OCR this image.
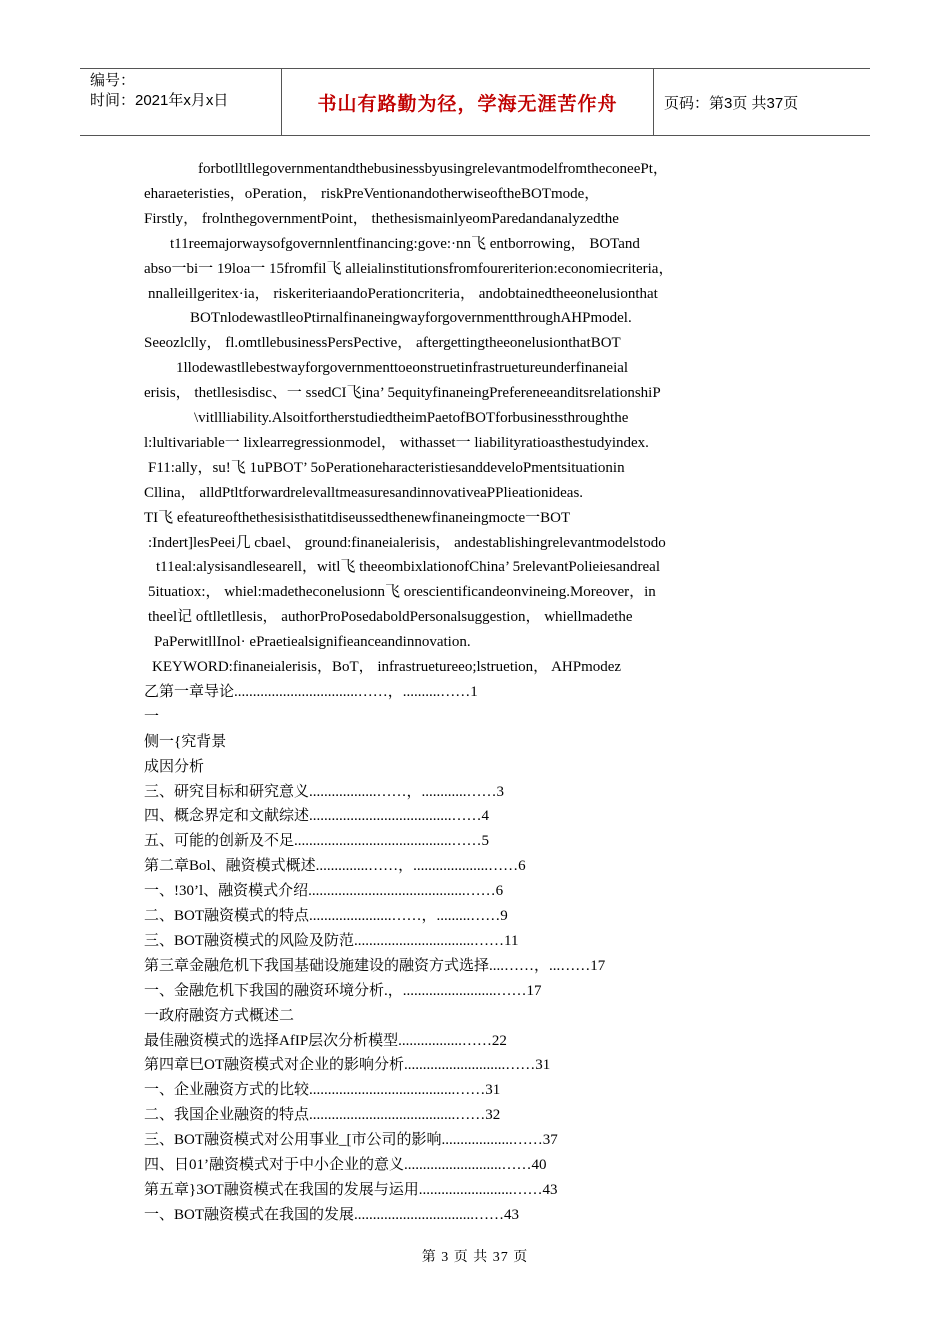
编号：
时间：2021年x月x日	书山有路勤为径，学海无涯苦作舟	页码：第3页 共37页
forbotlltllegovernmentandthebusinessbyusingrelevantmodelfromtheconeePt，
eharaeteristies，oPeration， riskPreVentionandotherwiseoftheBOTmode，
Firstly， frolnthegovernmentPoint， thethesismainlyeomParedandanalyzedthe
t11reemajorwaysofgovernnlentfinancing:gove:·nn飞 entborrowing， BOTand
abso一bi一 19loa一 15fromfil飞 alleialinstitutionsfromfoureriterion:economiecriteria，
nnalleillgeritex·ia， riskeriteriaandoPerationcriteria， andobtainedtheeonelusionthat
BOTnlodewastlleoPtirnalfinaneingwayforgovernmentthroughAHPmodel.
Seeozlclly， fl.omtllebusinessPersPective， aftergettingtheeonelusionthatBOT
1llodewastllebestwayforgovernmenttoeonstruetinfrastruetureunderfinaneial
erisis， thetllesisdisc、一 ssedCI飞ina’ 5equityfinaneingPrefereneeanditsrelationshiP
\vitllliability.AlsoitfortherstudiedtheimPaetofBOTforbusinessthroughthe
l:lultivariable一 lixlearregressionmodel， withasset一 liabilityratioasthestudyindex.
F11:ally，su!飞 1uPBOT’ 5oPerationeharacteristiesanddeveloPmentsituationin
Cllina， alldPtltforwardrelevalltmeasuresandinnovativeaPPlieationideas.
TI飞 efeatureofthethesisisthatitdiseussedthenewfinaneingmocte一BOT
:Indert]lesPeei几 cbael、 ground:finaneialerisis， andestablishingrelevantmodelstodo
t11eal:alysisandlesearell，witl飞 theeombixlationofChina’ 5relevantPolieiesandreal
5ituatiox:， whiel:madetheconelusionn飞 orescientificandeonvineing.Moreover，in
theel记 oftlletllesis， authorProPosedaboldPersonalsuggestion， whiellmadethe
PaPerwitllInol· ePraetiealsignifieanceandinnovation.
KEYWORD:finaneialerisis，BoT， infrastruetureeo;lstruetion， AHPmodez
乙第一章导论.................................……，..........……1
一
侧一{究背景
成因分析
三、研究目标和研究意义..................……，............……3
四、概念界定和文献综述......................................……4
五、可能的创新及不足..........................................……5
第二章Bol、融资模式概述..............……，....................……6
一、!30’l、融资模式介绍..........................................……6
二、BOT融资模式的特点......................……，.........……9
三、BOT融资模式的风险及防范................................……11
第三章金融危机下我国基础设施建设的融资方式选择....……，...……17
一、金融危机下我国的融资环境分析.，.........................……17
一政府融资方式概述二
最佳融资模式的选择AfIP层次分析模型.................……22
第四章巳OT融资模式对企业的影响分析...........................……31
一、企业融资方式的比较.......................................……31
二、我国企业融资的特点.......................................……32
三、BOT融资模式对公用事业_[市公司的影响...................……37
四、日01’融资模式对于中小企业的意义..........................……40
第五章}3OT融资模式在我国的发展与运用.........................……43
一、BOT融资模式在我国的发展................................……43
第 3 页 共 37 页
